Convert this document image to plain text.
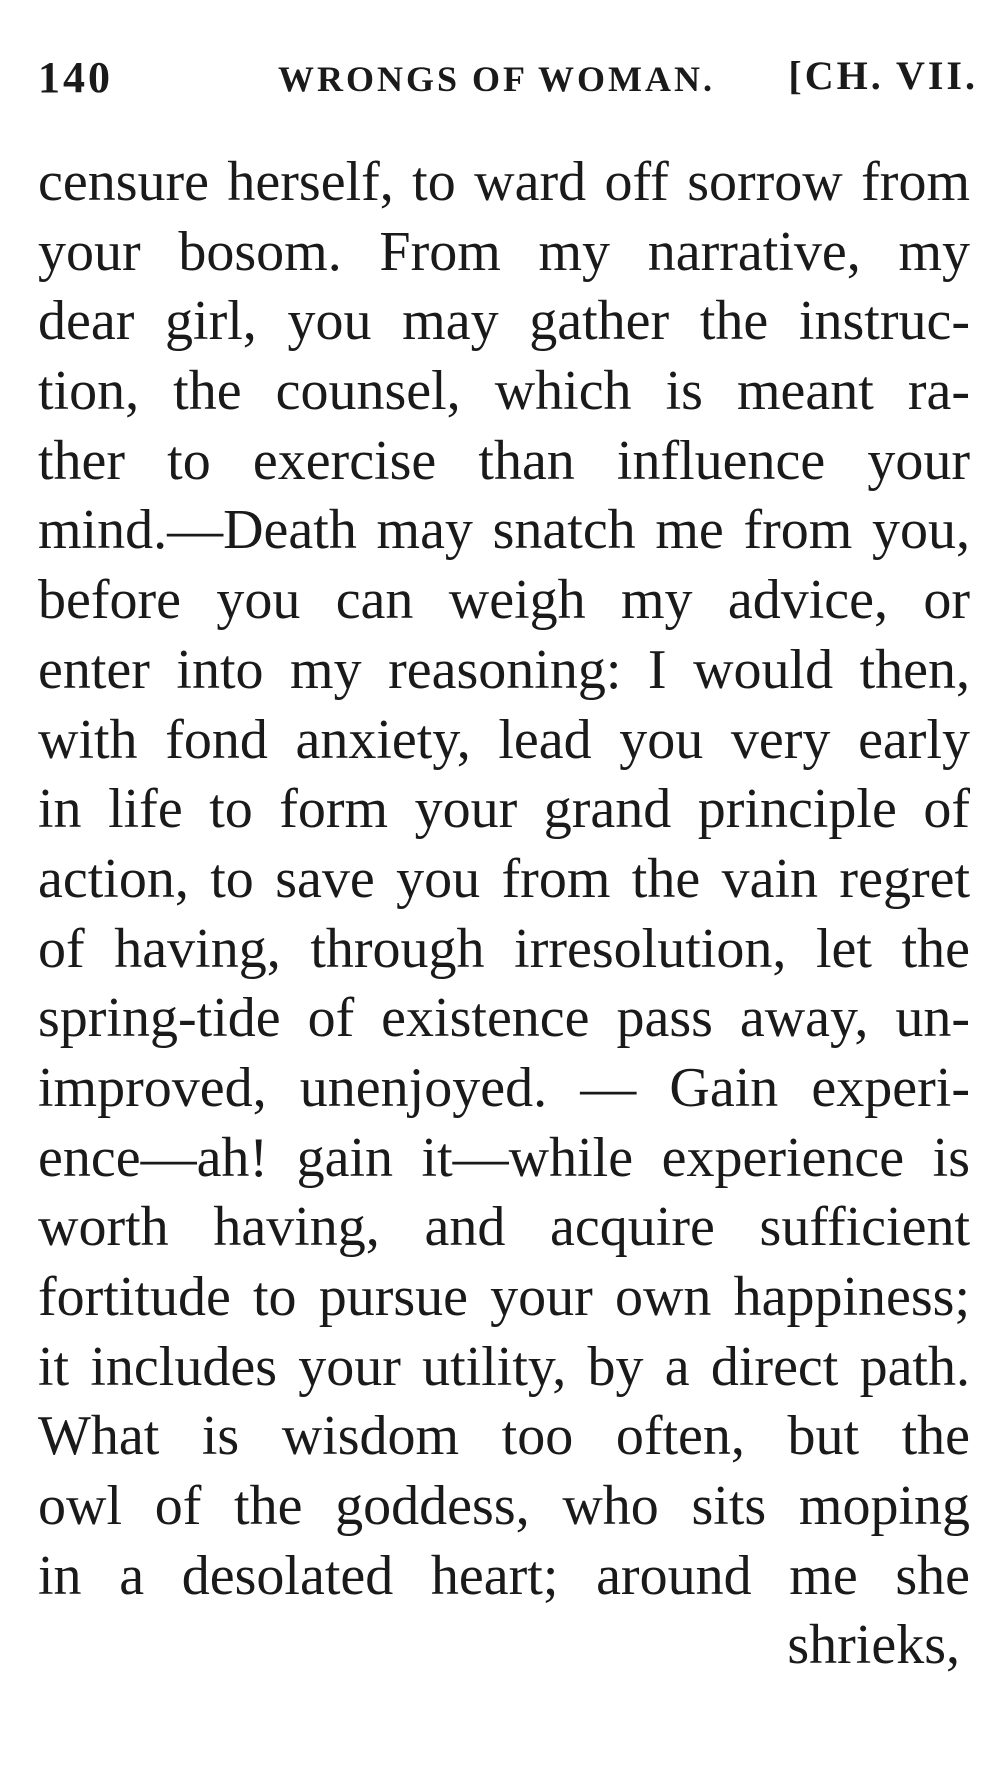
140	WRONGS OF WOMAN. [CH. VII.
censure herself, to ward off sorrow from
your bosom. From my narrative, my
dear girl, you may gather the instruc-
tion, the counsel, which is meant ra-
ther to exercise than influence your
mind.—Death may snatch me from you,
before you can weigh my advice, or
enter into my reasoning: I would then,
with fond anxiety, lead you very early
in life to form your grand principle of
action, to save you from the vain regret
of having, through irresolution, let the
spring-tide of existence pass away, un-
improved, unenjoyed. — Gain experi-
ence—ah! gain it—while experience is
worth having, and acquire sufficient
fortitude to pursue your own happiness;
it includes your utility, by a direct path.
What is wisdom too often, but the
owl of the goddess, who sits moping
in a desolated heart; around me she
shrieks,
